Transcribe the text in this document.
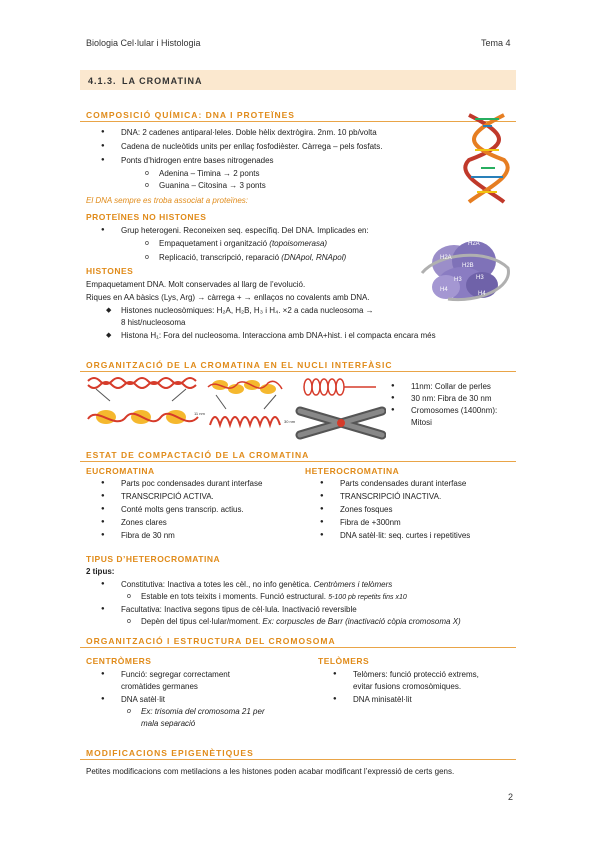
Biologia Cel·lular i Histologia	Tema 4
4.1.3. LA CROMATINA
COMPOSICIÓ QUÍMICA: DNA I PROTEÏNES
● DNA: 2 cadenes antiparal·leles. Doble hèlix dextrògira. 2nm. 10 pb/volta
● Cadena de nucleòtids units per enllaç fosfodièster. Càrrega – pels fosfats.
● Ponts d’hidrogen entre bases nitrogenades
o Adenina – Timina → 2 ponts
o Guanina – Citosina → 3 ponts
El DNA sempre es troba associat a proteïnes:
PROTEÏNES NO HISTONES
● Grup heterogeni. Reconeixen seq. específiq. Del DNA. Implicades en:
o Empaquetament i organització (topoisomerasa)
o Replicació, transcripció, reparació (DNApol, RNApol)
HISTONES
Empaquetament DNA. Molt conservades al llarg de l’evolució.
Riques en AA bàsics (Lys, Arg) → càrrega + → enllaços no covalents amb DNA.
◆ Histones nucleosòmiques: H₂A, H₂B, H₃ i H₄. ×2 a cada nucleosoma →
8 hist/nucleosoma
◆ Histona H₁: Fora del nucleosoma. Interacciona amb DNA+hist. i el compacta encara més
H2A
H2B
H2A
H2B
H3
H3
H4
H4
ORGANITZACIÓ DE LA CROMATINA EN EL NUCLI INTERFÀSIC
11 nm
30 nm
● 11nm: Collar de perles
● 30 nm: Fibra de 30 nm
● Cromosomes (1400nm):
Mitosi
ESTAT DE COMPACTACIÓ DE LA CROMATINA
EUCROMATINA
● Parts poc condensades durant interfase
● TRANSCRIPCIÓ ACTIVA.
● Conté molts gens transcrip. actius.
● Zones clares
● Fibra de 30 nm
HETEROCROMATINA
● Parts condensades durant interfase
● TRANSCRIPCIÓ INACTIVA.
● Zones fosques
● Fibra de +300nm
● DNA satèl·lit: seq. curtes i repetitives
TIPUS D’HETEROCROMATINA
2 tipus:
● Constitutiva: Inactiva a totes les cèl., no info genètica. Centròmers i telòmers
o Estable en tots teixits i moments. Funció estructural. 5-100 pb repetits fins x10
● Facultativa: Inactiva segons tipus de cèl·lula. Inactivació reversible
o Depèn del tipus cel·lular/moment. Ex: corpuscles de Barr (inactivació còpia cromosoma X)
ORGANITZACIÓ I ESTRUCTURA DEL CROMOSOMA
CENTRÒMERS
● Funció: segregar correctament
cromàtides germanes
● DNA satèl·lit
o Ex: trisomia del cromosoma 21 per
mala separació
TELÒMERS
● Telòmers: funció protecció extrems,
evitar fusions cromosòmiques.
● DNA minisatèl·lit
MODIFICACIONS EPIGENÈTIQUES
Petites modificacions com metilacions a les histones poden acabar modificant l’expressió de certs gens.
2
